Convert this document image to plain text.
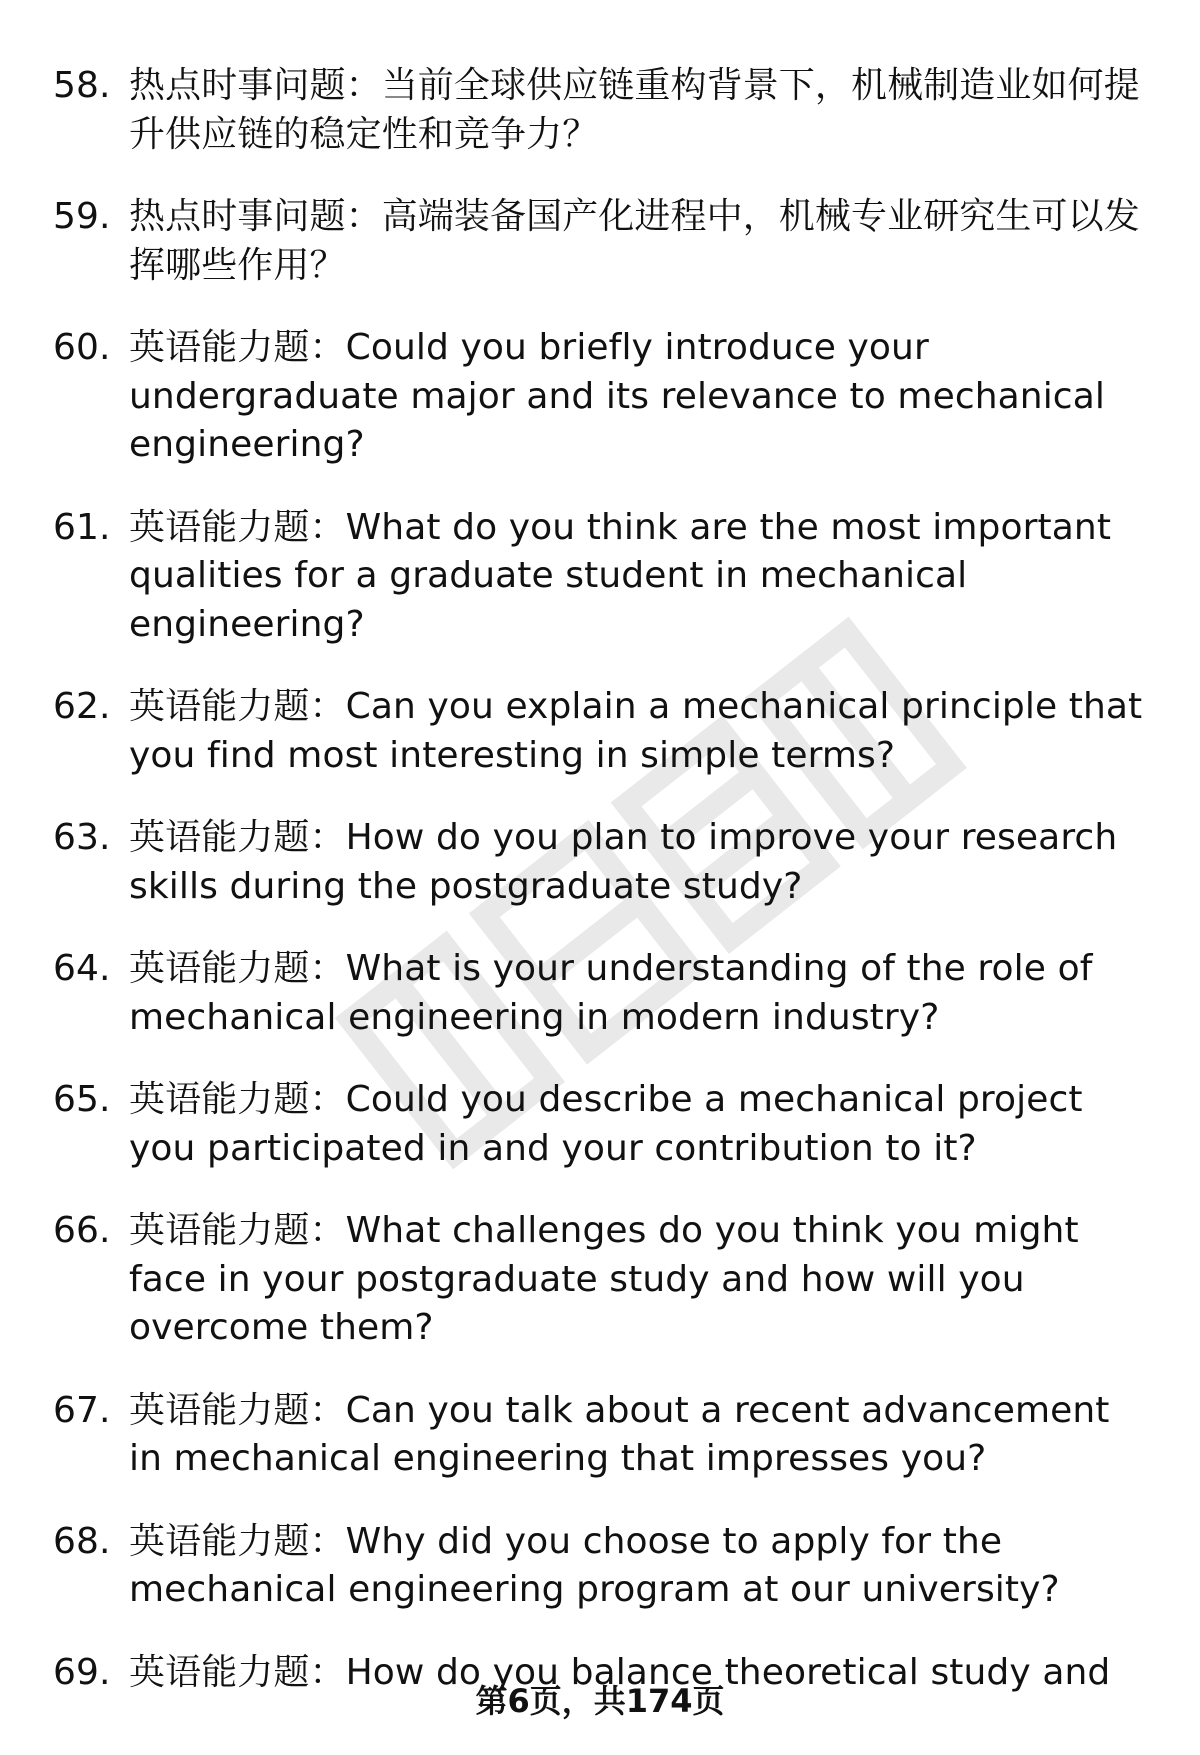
58. 热点时事问题：当前全球供应链重构背景下，机械制造业如何提升供应链的稳定性和竞争力？
59. 热点时事问题：高端装备国产化进程中，机械专业研究生可以发挥哪些作用？
60. 英语能力题：Could you briefly introduce your undergraduate major and its relevance to mechanical engineering?
61. 英语能力题：What do you think are the most important qualities for a graduate student in mechanical engineering?
62. 英语能力题：Can you explain a mechanical principle that you find most interesting in simple terms?
63. 英语能力题：How do you plan to improve your research skills during the postgraduate study?
64. 英语能力题：What is your understanding of the role of mechanical engineering in modern industry?
65. 英语能力题：Could you describe a mechanical project you participated in and your contribution to it?
66. 英语能力题：What challenges do you think you might face in your postgraduate study and how will you overcome them?
67. 英语能力题：Can you talk about a recent advancement in mechanical engineering that impresses you?
68. 英语能力题：Why did you choose to apply for the mechanical engineering program at our university?
69. 英语能力题：How do you balance theoretical study and
第6页，共174页
